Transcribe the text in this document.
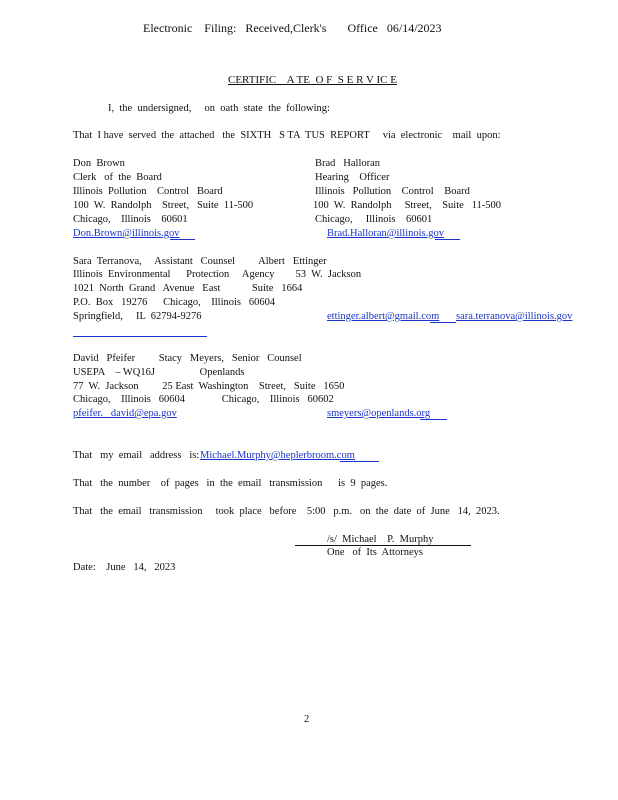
Electronic    Filing:   Received,Clerk's       Office   06/14/2023
CERTIFIC    A TE  O F  S E R V IC E
I,  the  undersigned,     on  oath  state  the  following:
That  I have  served  the  attached   the  SIXTH   S TA  TUS  REPORT     via  electronic    mail  upon:
Don  Brown
Clerk   of  the  Board
Illinois  Pollution    Control   Board
100  W.  Randolph    Street,   Suite  11-500
Chicago,    Illinois    60601
Don.Brown@illinois.gov
Brad   Halloran
Hearing    Officer
Illinois   Pollution    Control    Board
100  W.  Randolph     Street,    Suite   11-500
Chicago,     Illinois    60601
Brad.Halloran@illinois.gov
Sara  Terranova,     Assistant   Counsel         Albert   Ettinger
Illinois  Environmental      Protection     Agency        53  W.  Jackson
1021  North  Grand   Avenue   East            Suite   1664
P.O.  Box   19276      Chicago,    Illinois   60604
Springfield,     IL  62794-9276	ettinger.albert@gmail.com sara.terranova@illinois.gov
David   Pfeifer         Stacy   Meyers,   Senior   Counsel
USEPA    – WQ16J                 Openlands
77  W.  Jackson         25 East  Washington    Street,   Suite   1650
Chicago,    Illinois   60604              Chicago,    Illinois   60602
pfeifer.   david@epa.gov	smeyers@openlands.org
That   my  email   address   is: Michael.Murphy@heplerbroom.com
That   the  number    of  pages   in  the  email   transmission      is  9  pages.
That   the  email   transmission     took  place   before    5:00   p.m.   on  the  date  of  June   14,  2023.
/s/  Michael    P.  Murphy
One   of  Its  Attorneys
Date:    June   14,   2023
2
